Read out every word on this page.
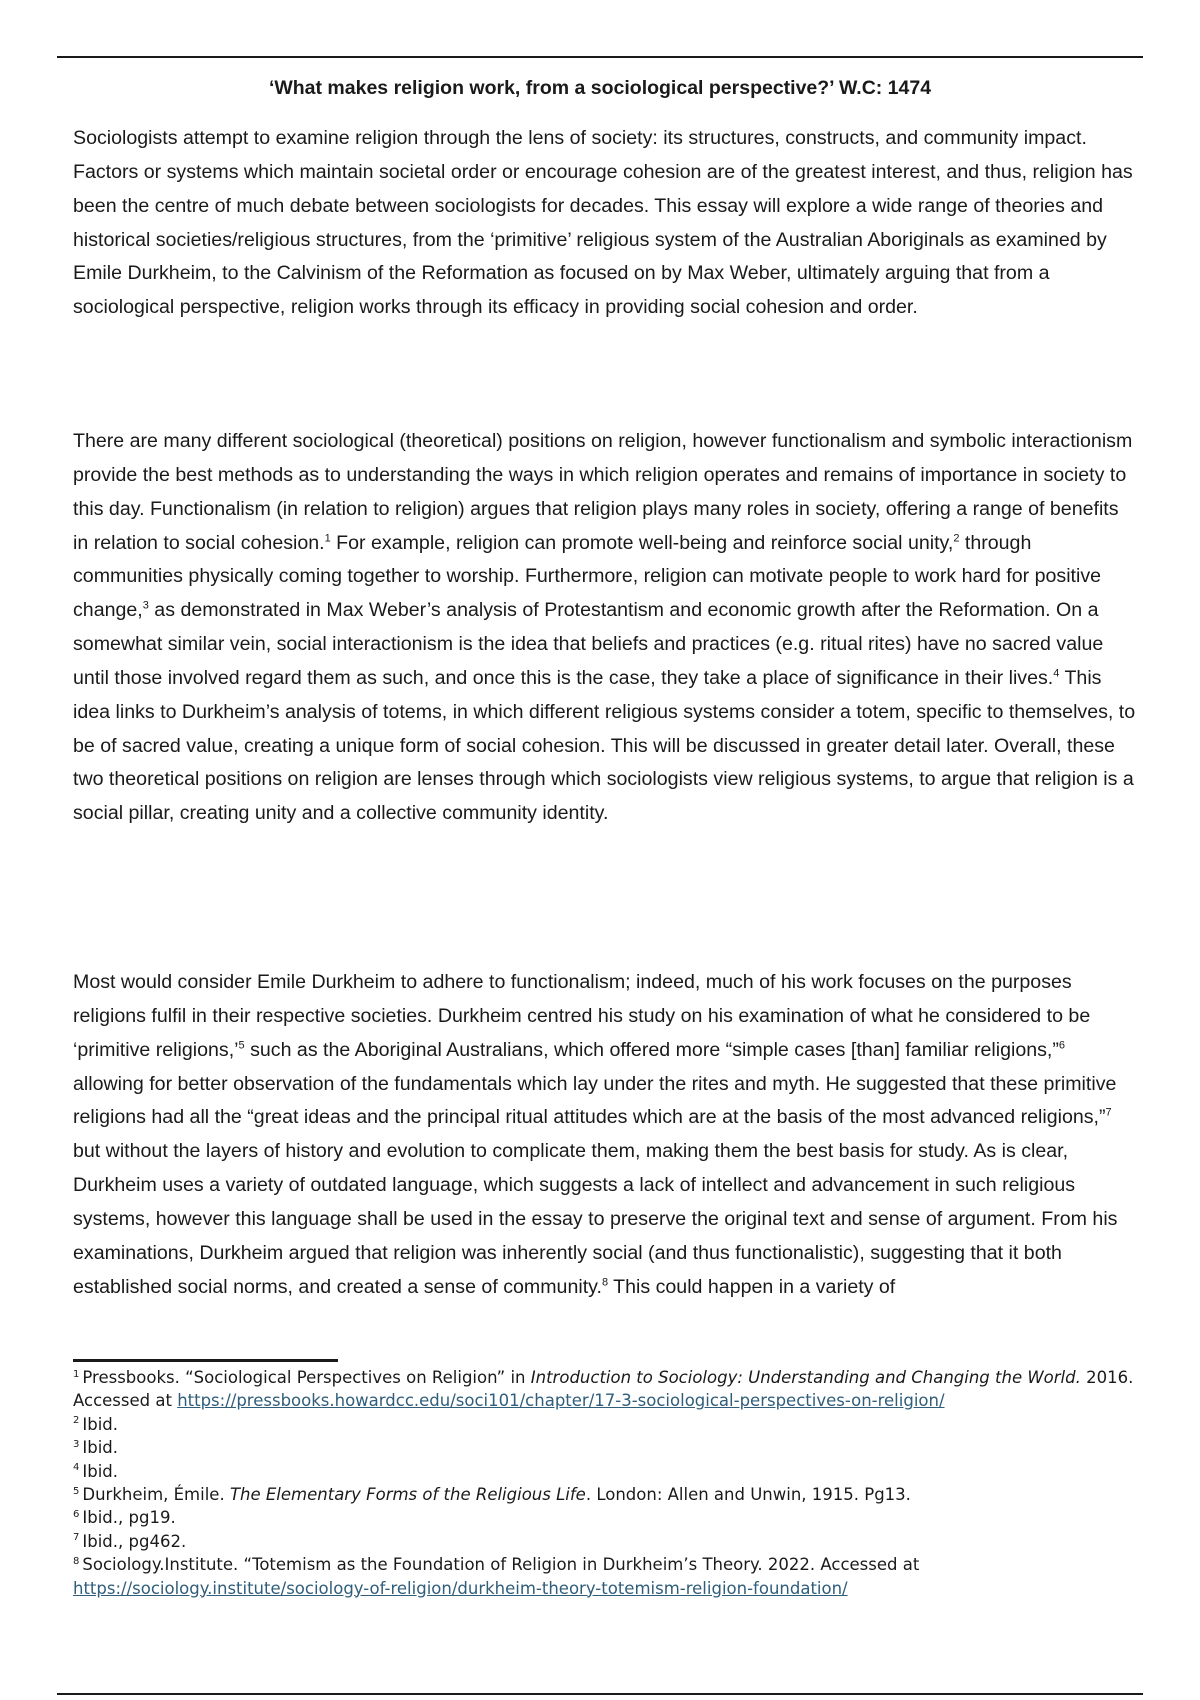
‘What makes religion work, from a sociological perspective?’ W.C: 1474

Sociologists attempt to examine religion through the lens of society: its structures, constructs, and community impact. Factors or systems which maintain societal order or encourage cohesion are of the greatest interest, and thus, religion has been the centre of much debate between sociologists for decades. This essay will explore a wide range of theories and historical societies/religious structures, from the ‘primitive’ religious system of the Australian Aboriginals as examined by Emile Durkheim, to the Calvinism of the Reformation as focused on by Max Weber, ultimately arguing that from a sociological perspective, religion works through its efficacy in providing social cohesion and order.

There are many different sociological (theoretical) positions on religion, however functionalism and symbolic interactionism provide the best methods as to understanding the ways in which religion operates and remains of importance in society to this day. Functionalism (in relation to religion) argues that religion plays many roles in society, offering a range of benefits in relation to social cohesion.$^1$ For example, religion can promote well-being and reinforce social unity,$^2$ through communities physically coming together to worship. Furthermore, religion can motivate people to work hard for positive change,$^3$ as demonstrated in Max Weber’s analysis of Protestantism and economic growth after the Reformation. On a somewhat similar vein, social interactionism is the idea that beliefs and practices (e.g. ritual rites) have no sacred value until those involved regard them as such, and once this is the case, they take a place of significance in their lives.$^4$ This idea links to Durkheim’s analysis of totems, in which different religious systems consider a totem, specific to themselves, to be of sacred value, creating a unique form of social cohesion. This will be discussed in greater detail later. Overall, these two theoretical positions on religion are lenses through which sociologists view religious systems, to argue that religion is a social pillar, creating unity and a collective community identity.

Most would consider Emile Durkheim to adhere to functionalism; indeed, much of his work focuses on the purposes religions fulfil in their respective societies. Durkheim centred his study on his examination of what he considered to be ‘primitive religions,’$^5$ such as the Aboriginal Australians, which offered more “simple cases [than] familiar religions,”$^6$ allowing for better observation of the fundamentals which lay under the rites and myth. He suggested that these primitive religions had all the “great ideas and the principal ritual attitudes which are at the basis of the most advanced religions,”$^7$ but without the layers of history and evolution to complicate them, making them the best basis for study. As is clear, Durkheim uses a variety of outdated language, which suggests a lack of intellect and advancement in such religious systems, however this language shall be used in the essay to preserve the original text and sense of argument. From his examinations, Durkheim argued that religion was inherently social (and thus functionalistic), suggesting that it both established social norms, and created a sense of community.$^8$ This could happen in a variety of

$^1$ Pressbooks. “Sociological Perspectives on Religion” in Introduction to Sociology: Understanding and Changing the World. 2016. Accessed at https://pressbooks.howardcc.edu/soci101/chapter/17-3-sociological-perspectives-on-religion/

$^2$ Ibid.

$^3$ Ibid.

$^4$ Ibid.

$^5$ Durkheim, Émile. The Elementary Forms of the Religious Life. London: Allen and Unwin, 1915. Pg13.

$^6$ Ibid., pg19.

$^7$ Ibid., pg462.

$^8$ Sociology.Institute. “Totemism as the Foundation of Religion in Durkheim’s Theory. 2022. Accessed at https://sociology.institute/sociology-of-religion/durkheim-theory-totemism-religion-foundation/
